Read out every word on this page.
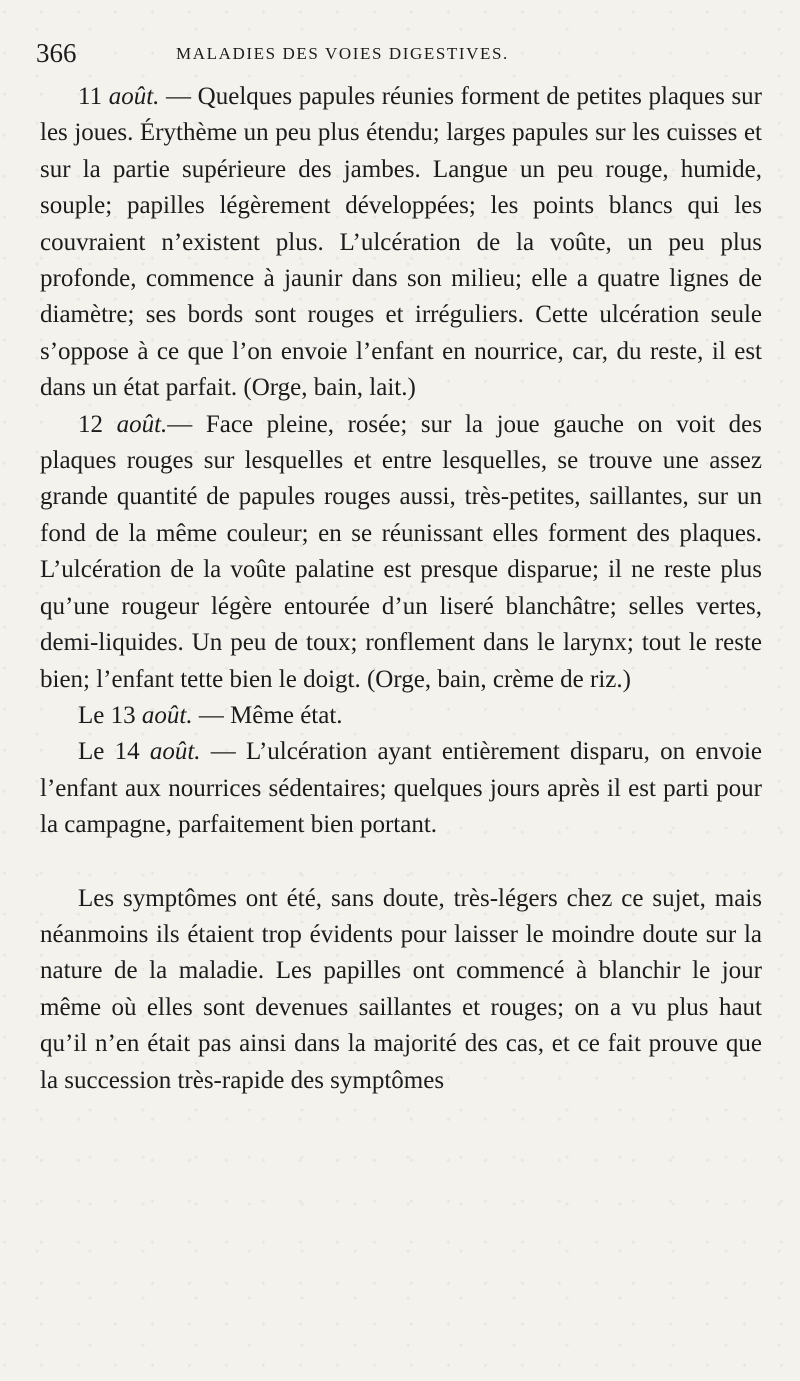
366	MALADIES DES VOIES DIGESTIVES.

11 août. — Quelques papules réunies forment de petites plaques sur les joues. Érythème un peu plus étendu; larges papules sur les cuisses et sur la partie supérieure des jambes. Langue un peu rouge, humide, souple; papilles légèrement développées; les points blancs qui les couvraient n’existent plus. L’ulcération de la voûte, un peu plus profonde, commence à jaunir dans son milieu; elle a quatre lignes de diamètre; ses bords sont rouges et irréguliers. Cette ulcération seule s’oppose à ce que l’on envoie l’enfant en nourrice, car, du reste, il est dans un état parfait. (Orge, bain, lait.)

12 août.— Face pleine, rosée; sur la joue gauche on voit des plaques rouges sur lesquelles et entre lesquelles, se trouve une assez grande quantité de papules rouges aussi, très-petites, saillantes, sur un fond de la même couleur; en se réunissant elles forment des plaques. L’ulcération de la voûte palatine est presque disparue; il ne reste plus qu’une rougeur légère entourée d’un liseré blanchâtre; selles vertes, demi-liquides. Un peu de toux; ronflement dans le larynx; tout le reste bien; l’enfant tette bien le doigt. (Orge, bain, crème de riz.)

Le 13 août. — Même état.

Le 14 août. — L’ulcération ayant entièrement disparu, on envoie l’enfant aux nourrices sédentaires; quelques jours après il est parti pour la campagne, parfaitement bien portant.

Les symptômes ont été, sans doute, très-légers chez ce sujet, mais néanmoins ils étaient trop évidents pour laisser le moindre doute sur la nature de la maladie. Les papilles ont commencé à blanchir le jour même où elles sont devenues saillantes et rouges; on a vu plus haut qu’il n’en était pas ainsi dans la majorité des cas, et ce fait prouve que la succession très-rapide des symptômes
